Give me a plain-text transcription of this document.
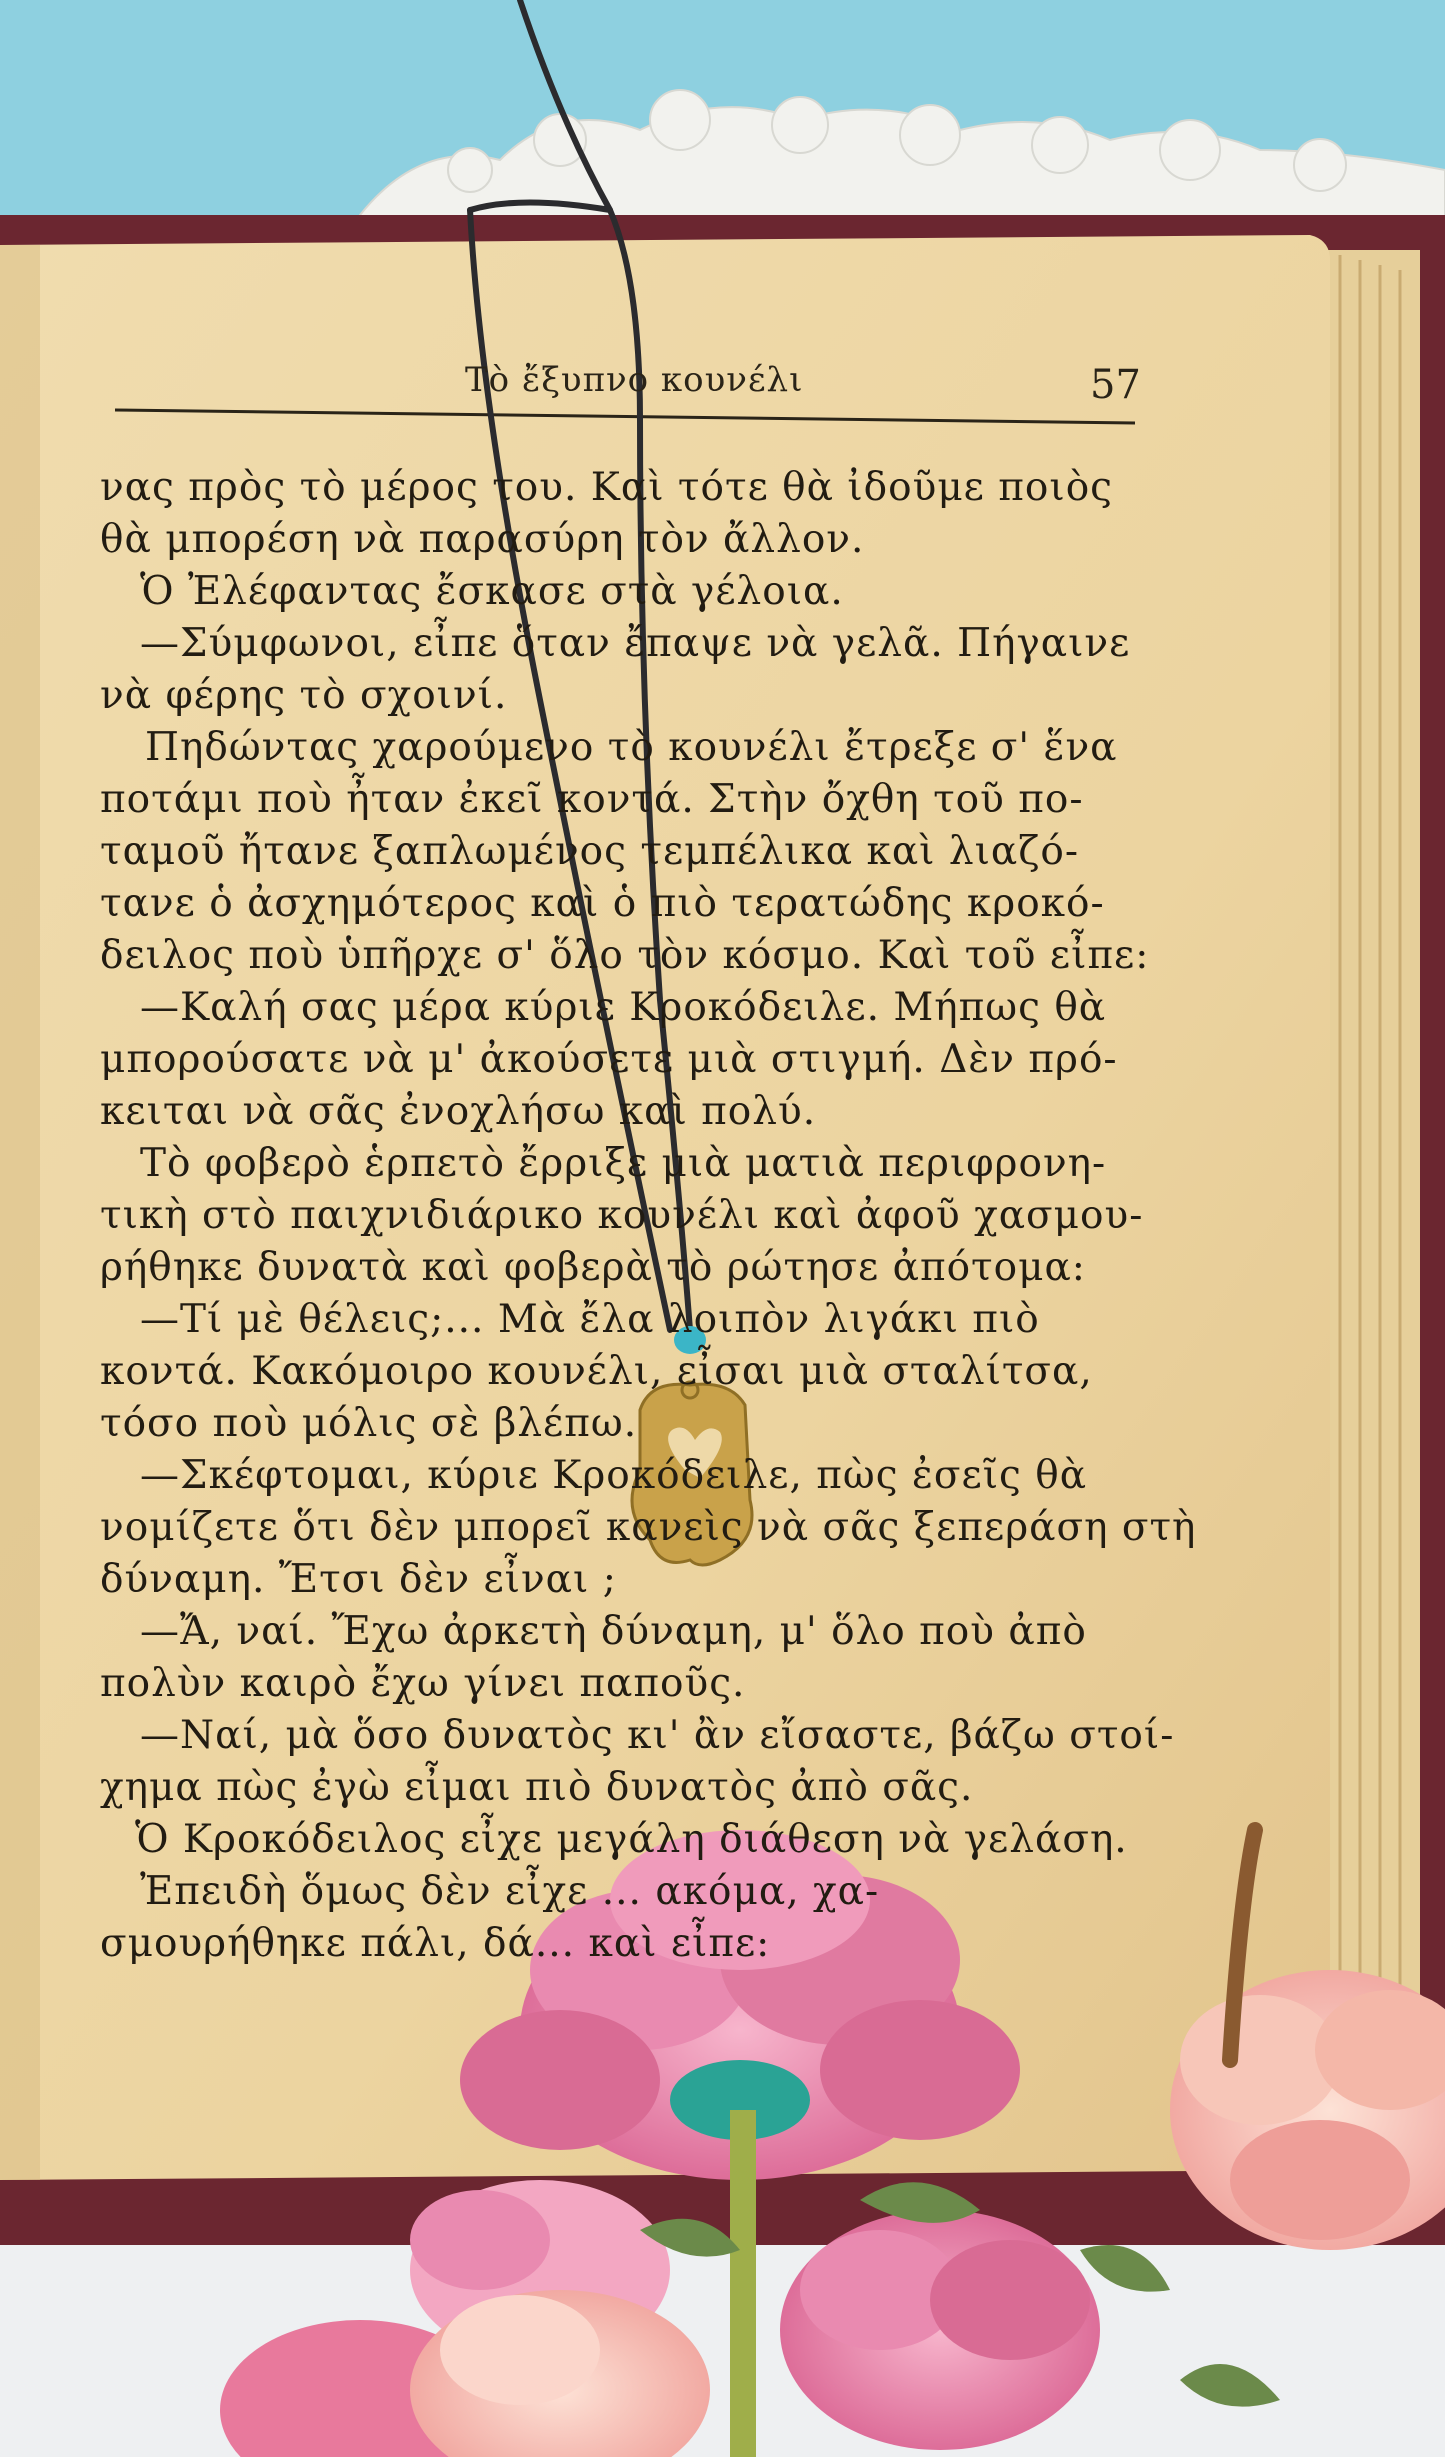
Τὸ ἔξυπνο κουνέλι	57
νας πρὸς τὸ μέρος του. Καὶ τότε θὰ ἰδοῦμε ποιὸς
θὰ μπορέση νὰ παρασύρη τὸν ἄλλον.
Ὁ Ἐλέφαντας ἔσκασε στὰ γέλοια.
—Σύμφωνοι, εἶπε ὅταν ἔπαψε νὰ γελᾶ. Πήγαινε
νὰ φέρης τὸ σχοινί.
Πηδώντας χαρούμενο τὸ κουνέλι ἔτρεξε σ' ἕνα
ποτάμι ποὺ ἦταν ἐκεῖ κοντά. Στὴν ὄχθη τοῦ πο-
ταμοῦ ἤτανε ξαπλωμένος τεμπέλικα καὶ λιαζό-
τανε ὁ ἀσχημότερος καὶ ὁ πιὸ τερατώδης κροκό-
δειλος ποὺ ὑπῆρχε σ' ὅλο τὸν κόσμο. Καὶ τοῦ εἶπε:
—Καλή σας μέρα κύριε Κροκόδειλε. Μήπως θὰ
μπορούσατε νὰ μ' ἀκούσετε μιὰ στιγμή. Δὲν πρό-
κειται νὰ σᾶς ἐνοχλήσω καὶ πολύ.
Τὸ φοβερὸ ἑρπετὸ ἔρριξε μιὰ ματιὰ περιφρονη-
τικὴ στὸ παιχνιδιάρικο κουνέλι καὶ ἀφοῦ χασμου-
ρήθηκε δυνατὰ καὶ φοβερὰ τὸ ρώτησε ἀπότομα:
—Τί μὲ θέλεις;... Μὰ ἔλα λοιπὸν λιγάκι πιὸ
κοντά. Κακόμοιρο κουνέλι, εἶσαι μιὰ σταλίτσα,
τόσο ποὺ μόλις σὲ βλέπω.
—Σκέφτομαι, κύριε Κροκόδειλε, πὼς ἐσεῖς θὰ
νομίζετε ὅτι δὲν μπορεῖ κανεὶς νὰ σᾶς ξεπεράση στὴ
δύναμη. Ἔτσι δὲν εἶναι ;
—Ἄ, ναί. Ἔχω ἀρκετὴ δύναμη, μ' ὅλο ποὺ ἀπὸ
πολὺν καιρὸ ἔχω γίνει παποῦς.
—Ναί, μὰ ὅσο δυνατὸς κι' ἂν εἴσαστε, βάζω στοί-
χημα πὼς ἐγὼ εἶμαι πιὸ δυνατὸς ἀπὸ σᾶς.
Ὁ Κροκόδειλος εἶχε μεγάλη διάθεση νὰ γελάση.
Ἐπειδὴ ὅμως δὲν εἶχε ... ακόμα, χα-
σμουρήθηκε πάλι, δά... καὶ εἶπε:
